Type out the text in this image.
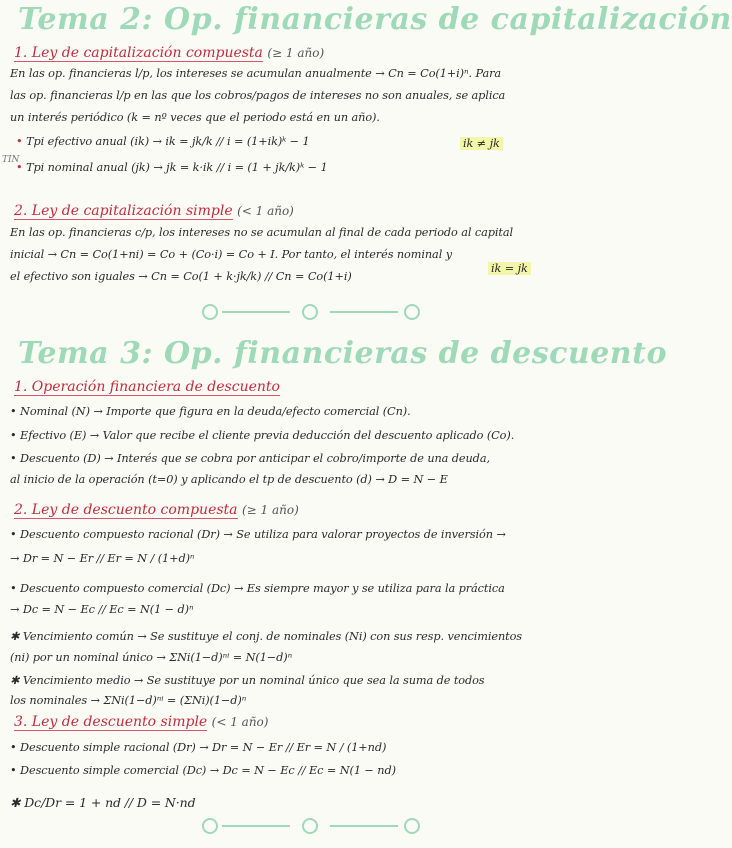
Tema 2: Op. financieras de capitalización
1. Ley de capitalización compuesta (≥ 1 año)
En las op. financieras l/p, los intereses se acumulan anualmente → Cn = Co(1+i)ⁿ. Para
las op. financieras l/p en las que los cobros/pagos de intereses no son anuales, se aplica
un interés periódico (k = nº veces que el periodo está en un año).
• Tpi efectivo anual (ik) → ik = jk/k // i = (1+ik)ᵏ − 1	ik ≠ jk
TIN
• Tpi nominal anual (jk) → jk = k·ik // i = (1 + jk/k)ᵏ − 1
2. Ley de capitalización simple (< 1 año)
En las op. financieras c/p, los intereses no se acumulan al final de cada periodo al capital
inicial → Cn = Co(1+ni) = Co + (Co·i) = Co + I. Por tanto, el interés nominal y
el efectivo son iguales → Cn = Co(1 + k·jk/k) // Cn = Co(1+i)
ik = jk
Tema 3: Op. financieras de descuento
1. Operación financiera de descuento
• Nominal (N) → Importe que figura en la deuda/efecto comercial (Cn).
• Efectivo (E) → Valor que recibe el cliente previa deducción del descuento aplicado (Co).
• Descuento (D) → Interés que se cobra por anticipar el cobro/importe de una deuda,
al inicio de la operación (t=0) y aplicando el tp de descuento (d) → D = N − E
2. Ley de descuento compuesta (≥ 1 año)
• Descuento compuesto racional (Dr) → Se utiliza para valorar proyectos de inversión →
→ Dr = N − Er // Er = N / (1+d)ⁿ
• Descuento compuesto comercial (Dc) → Es siempre mayor y se utiliza para la práctica
→ Dc = N − Ec // Ec = N(1 − d)ⁿ
✱ Vencimiento común → Se sustituye el conj. de nominales (Ni) con sus resp. vencimientos
(ni) por un nominal único → ΣNi(1−d)ⁿⁱ = N(1−d)ⁿ
✱ Vencimiento medio → Se sustituye por un nominal único que sea la suma de todos
los nominales → ΣNi(1−d)ⁿⁱ = (ΣNi)(1−d)ⁿ
3. Ley de descuento simple (< 1 año)
• Descuento simple racional (Dr) → Dr = N − Er // Er = N / (1+nd)
• Descuento simple comercial (Dc) → Dc = N − Ec // Ec = N(1 − nd)
✱ Dc/Dr = 1 + nd // D = N·nd
